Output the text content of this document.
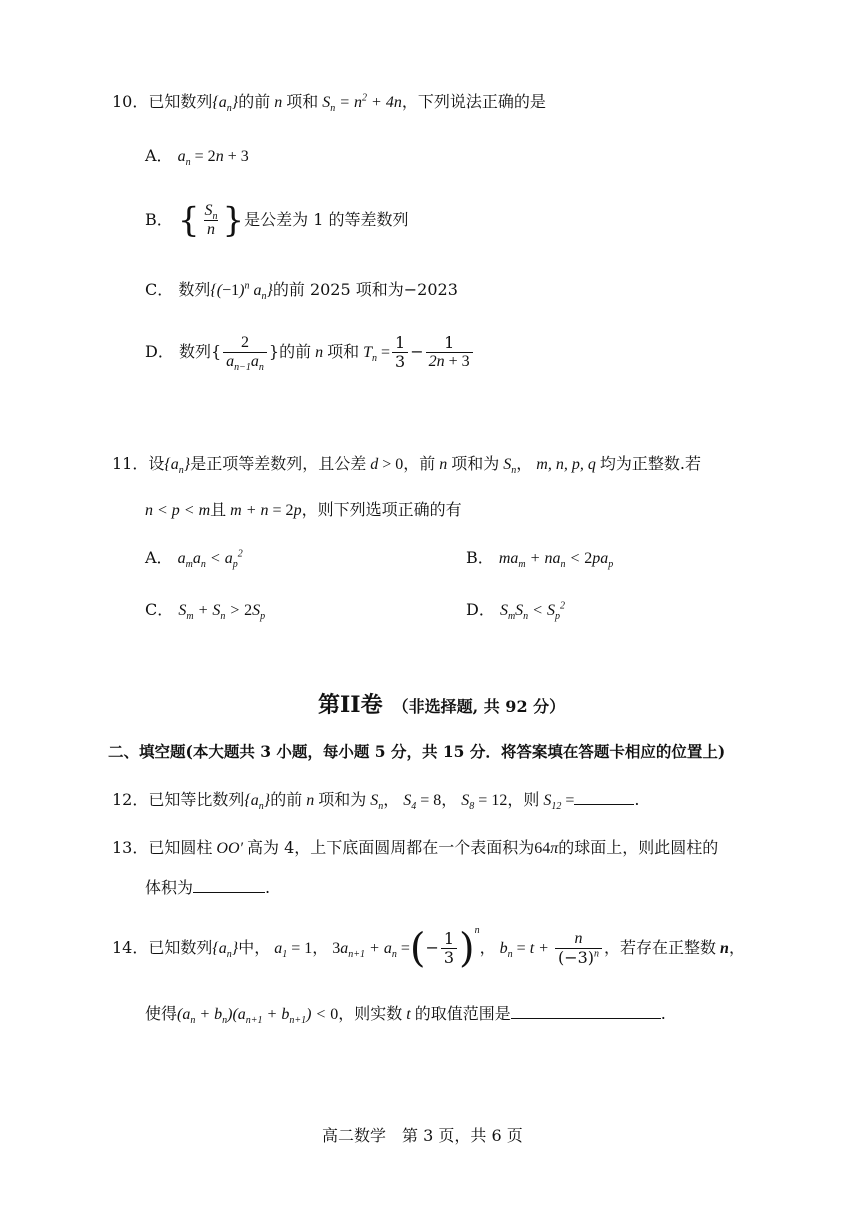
10．已知数列$\{a_n\}$的前 n 项和 $S_n = n^2 + 4n$，下列说法正确的是
A． $a_n = 2n + 3$
B． { $\frac{S_n}{n}$ }是公差为 1 的等差数列
C． 数列{$(-1)^n$ $a_n$}的前 2025 项和为−2023
D． 数列{ $\frac{2}{a_{n-1}a_n}$ }的前 n 项和 $T_n = \frac{1}{3} - \frac{1}{2n + 3}$
11．设$\{a_n\}$是正项等差数列，且公差 d > 0，前 n 项和为 $S_n$， m, n, p, q 均为正整数.若
n < p < m且 m + n = 2p，则下列选项正确的有
A． $a_ma_n < a_p^2$	B． $ma_m + na_n < 2pa_p$
C． $S_m + S_n > 2S_p$	D． $S_mS_n < S_p^2$
第II卷 （非选择题, 共 92 分）
二、填空题(本大题共 3 小题，每小题 5 分，共 15 分．将答案填在答题卡相应的位置上)
12．已知等比数列$\{a_n\}$的前 n 项和为 $S_n$， $S_4 = 8$， $S_8 = 12$，则 $S_{12}$ =	.
13．已知圆柱 OO′ 高为 4，上下底面圆周都在一个表面积为64π的球面上，则此圆柱的
体积为	.
14．已知数列$\{a_n\}$中， $a_1 = 1$， $3a_{n+1} + a_n$ =(− $\frac{1}{3} )^n$， $b_n = t + \frac{n}{(-3)^n}$ ，若存在正整数 n，
使得$(a_n + b_n)(a_{n+1} + b_{n+1}) < 0$，则实数 t 的取值范围是	.
高二数学　第 3 页，共 6 页
